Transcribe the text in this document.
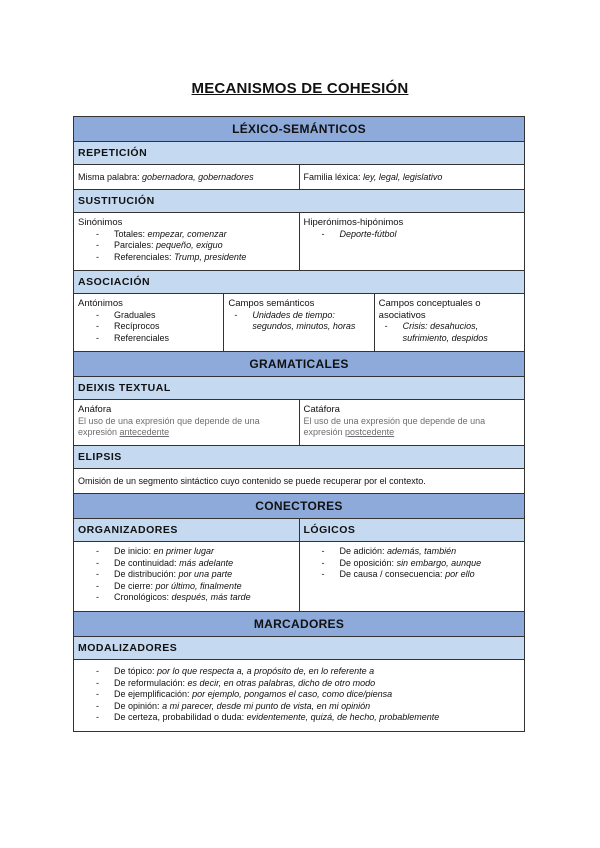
MECANISMOS DE COHESIÓN
LÉXICO-SEMÁNTICOS
REPETICIÓN
Misma palabra: gobernadora, gobernadores	Familia léxica: ley, legal, legislativo
SUSTITUCIÓN
Sinónimos
- Totales: empezar, comenzar
- Parciales: pequeño, exiguo
- Referenciales: Trump, presidente
Hiperónimos-hipónimos
- Deporte-fútbol
ASOCIACIÓN
Antónimos
- Graduales
- Recíprocos
- Referenciales
Campos semánticos
- Unidades de tiempo: segundos, minutos, horas
Campos conceptuales o asociativos
- Crisis: desahucios, sufrimiento, despidos
GRAMATICALES
DEIXIS TEXTUAL
Anáfora
El uso de una expresión que depende de una expresión antecedente
Catáfora
El uso de una expresión que depende de una expresión postcedente
ELIPSIS
Omisión de un segmento sintáctico cuyo contenido se puede recuperar por el contexto.
CONECTORES
ORGANIZADORES	LÓGICOS
- De inicio: en primer lugar
- De continuidad: más adelante
- De distribución: por una parte
- De cierre: por último, finalmente
- Cronológicos: después, más tarde
- De adición: además, también
- De oposición: sin embargo, aunque
- De causa / consecuencia: por ello
MARCADORES
MODALIZADORES
- De tópico: por lo que respecta a, a propósito de, en lo referente a
- De reformulación: es decir, en otras palabras, dicho de otro modo
- De ejemplificación: por ejemplo, pongamos el caso, como dice/piensa
- De opinión: a mi parecer, desde mi punto de vista, en mi opinión
- De certeza, probabilidad o duda: evidentemente, quizá, de hecho, probablemente
